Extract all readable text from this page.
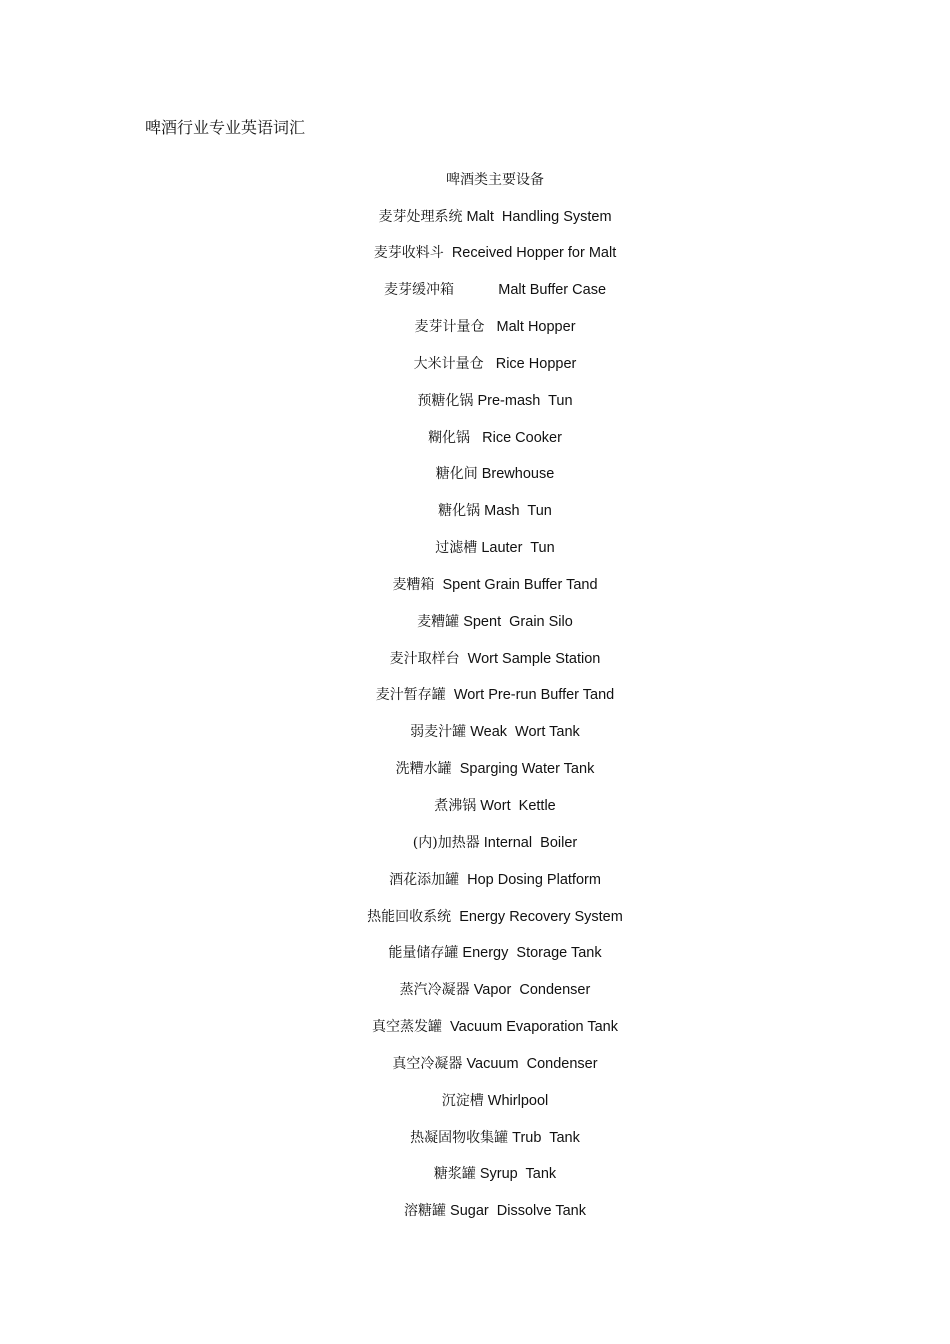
啤酒行业专业英语词汇
啤酒类主要设备
麦芽处理系统 Malt  Handling System
麦芽收料斗  Received Hopper for Malt
麦芽缓冲箱           Malt Buffer Case
麦芽计量仓   Malt Hopper
大米计量仓   Rice Hopper
预糖化锅 Pre-mash  Tun
糊化锅   Rice Cooker
糖化间 Brewhouse
糖化锅 Mash  Tun
过滤槽 Lauter  Tun
麦糟箱  Spent Grain Buffer Tand
麦糟罐 Spent  Grain Silo
麦汁取样台  Wort Sample Station
麦汁暂存罐  Wort Pre-run Buffer Tand
弱麦汁罐 Weak  Wort Tank
洗糟水罐  Sparging Water Tank
煮沸锅 Wort  Kettle
(内)加热器 Internal  Boiler
酒花添加罐  Hop Dosing Platform
热能回收系统  Energy Recovery System
能量储存罐 Energy  Storage Tank
蒸汽冷凝器 Vapor  Condenser
真空蒸发罐  Vacuum Evaporation Tank
真空冷凝器 Vacuum  Condenser
沉淀槽 Whirlpool
热凝固物收集罐 Trub  Tank
糖浆罐 Syrup  Tank
溶糖罐 Sugar  Dissolve Tank
